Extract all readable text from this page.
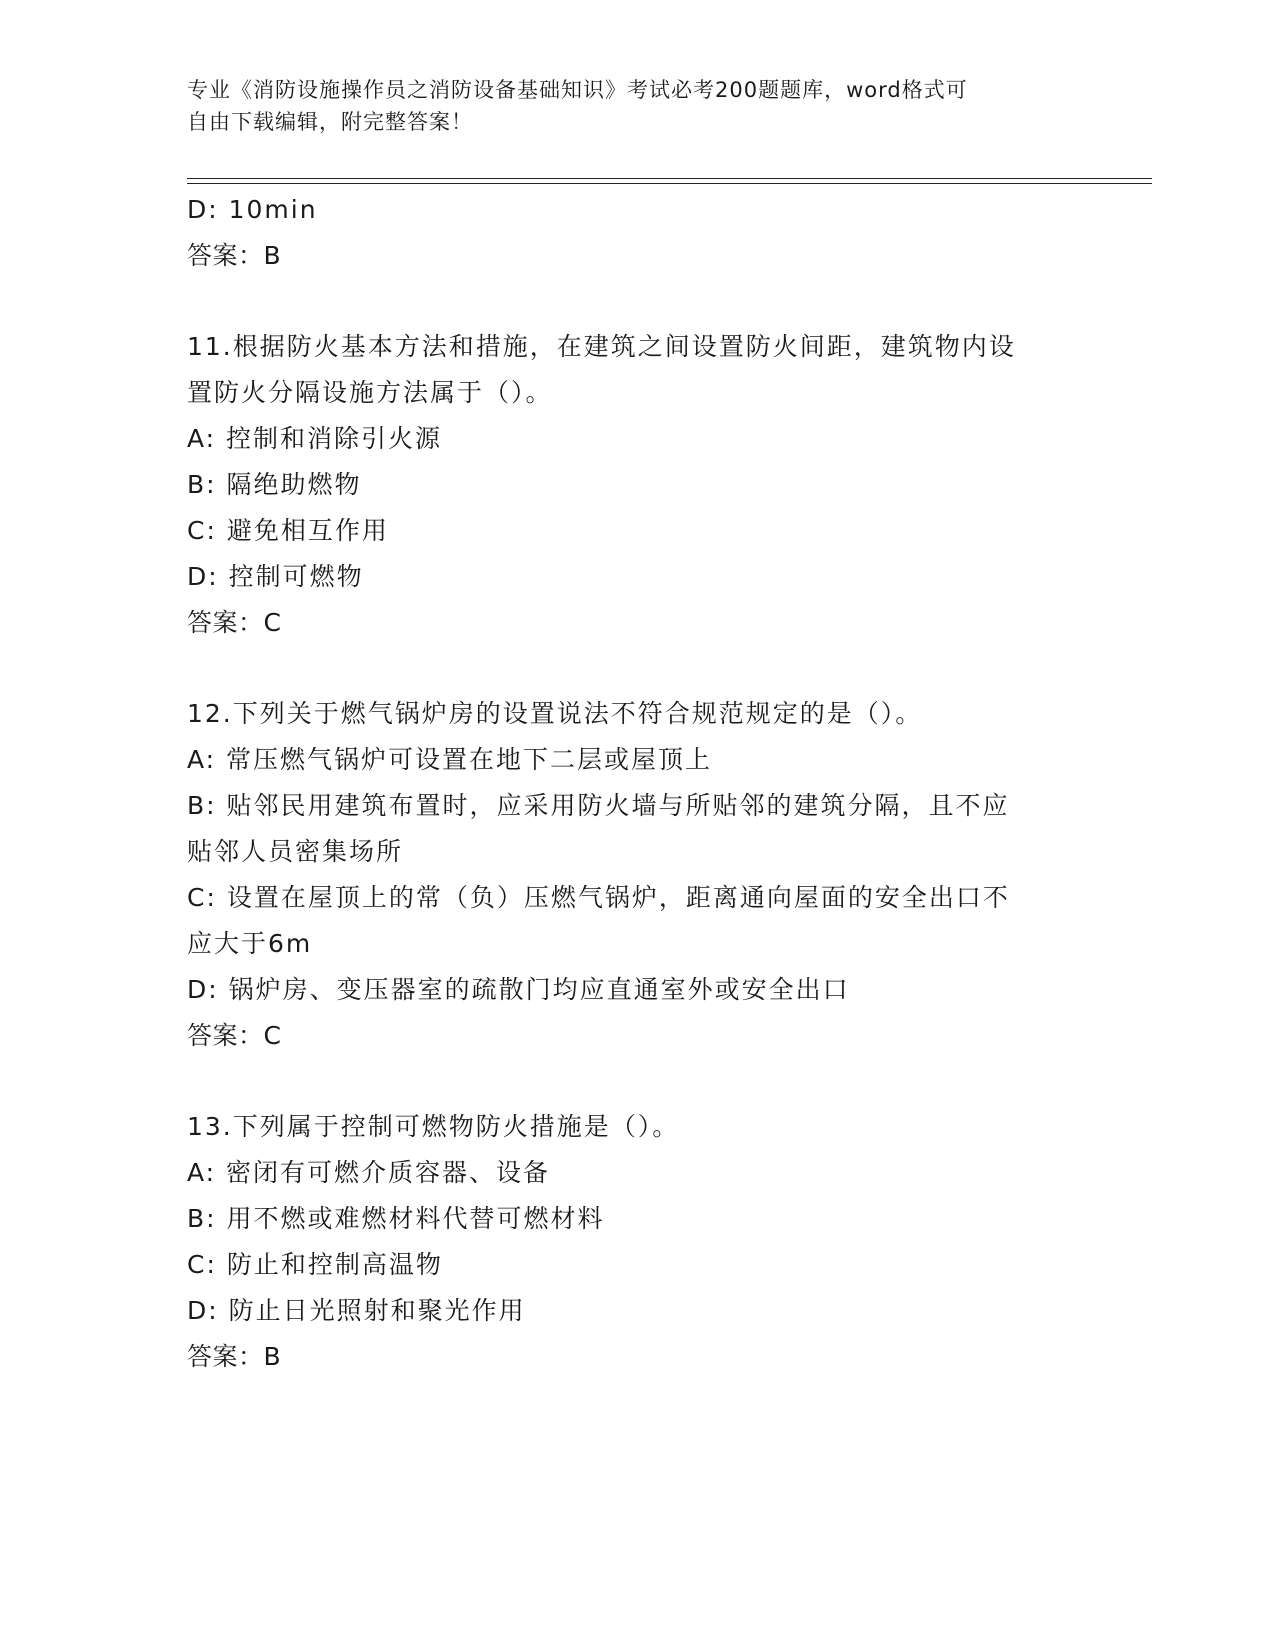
专业《消防设施操作员之消防设备基础知识》考试必考200题题库，word格式可
自由下载编辑，附完整答案！
D: 10min
答案：B
11.根据防火基本方法和措施，在建筑之间设置防火间距，建筑物内设
置防火分隔设施方法属于（）。
A: 控制和消除引火源
B: 隔绝助燃物
C: 避免相互作用
D: 控制可燃物
答案：C
12.下列关于燃气锅炉房的设置说法不符合规范规定的是（）。
A: 常压燃气锅炉可设置在地下二层或屋顶上
B: 贴邻民用建筑布置时，应采用防火墙与所贴邻的建筑分隔，且不应
贴邻人员密集场所
C: 设置在屋顶上的常（负）压燃气锅炉，距离通向屋面的安全出口不
应大于6m
D: 锅炉房、变压器室的疏散门均应直通室外或安全出口
答案：C
13.下列属于控制可燃物防火措施是（）。
A: 密闭有可燃介质容器、设备
B: 用不燃或难燃材料代替可燃材料
C: 防止和控制高温物
D: 防止日光照射和聚光作用
答案：B
